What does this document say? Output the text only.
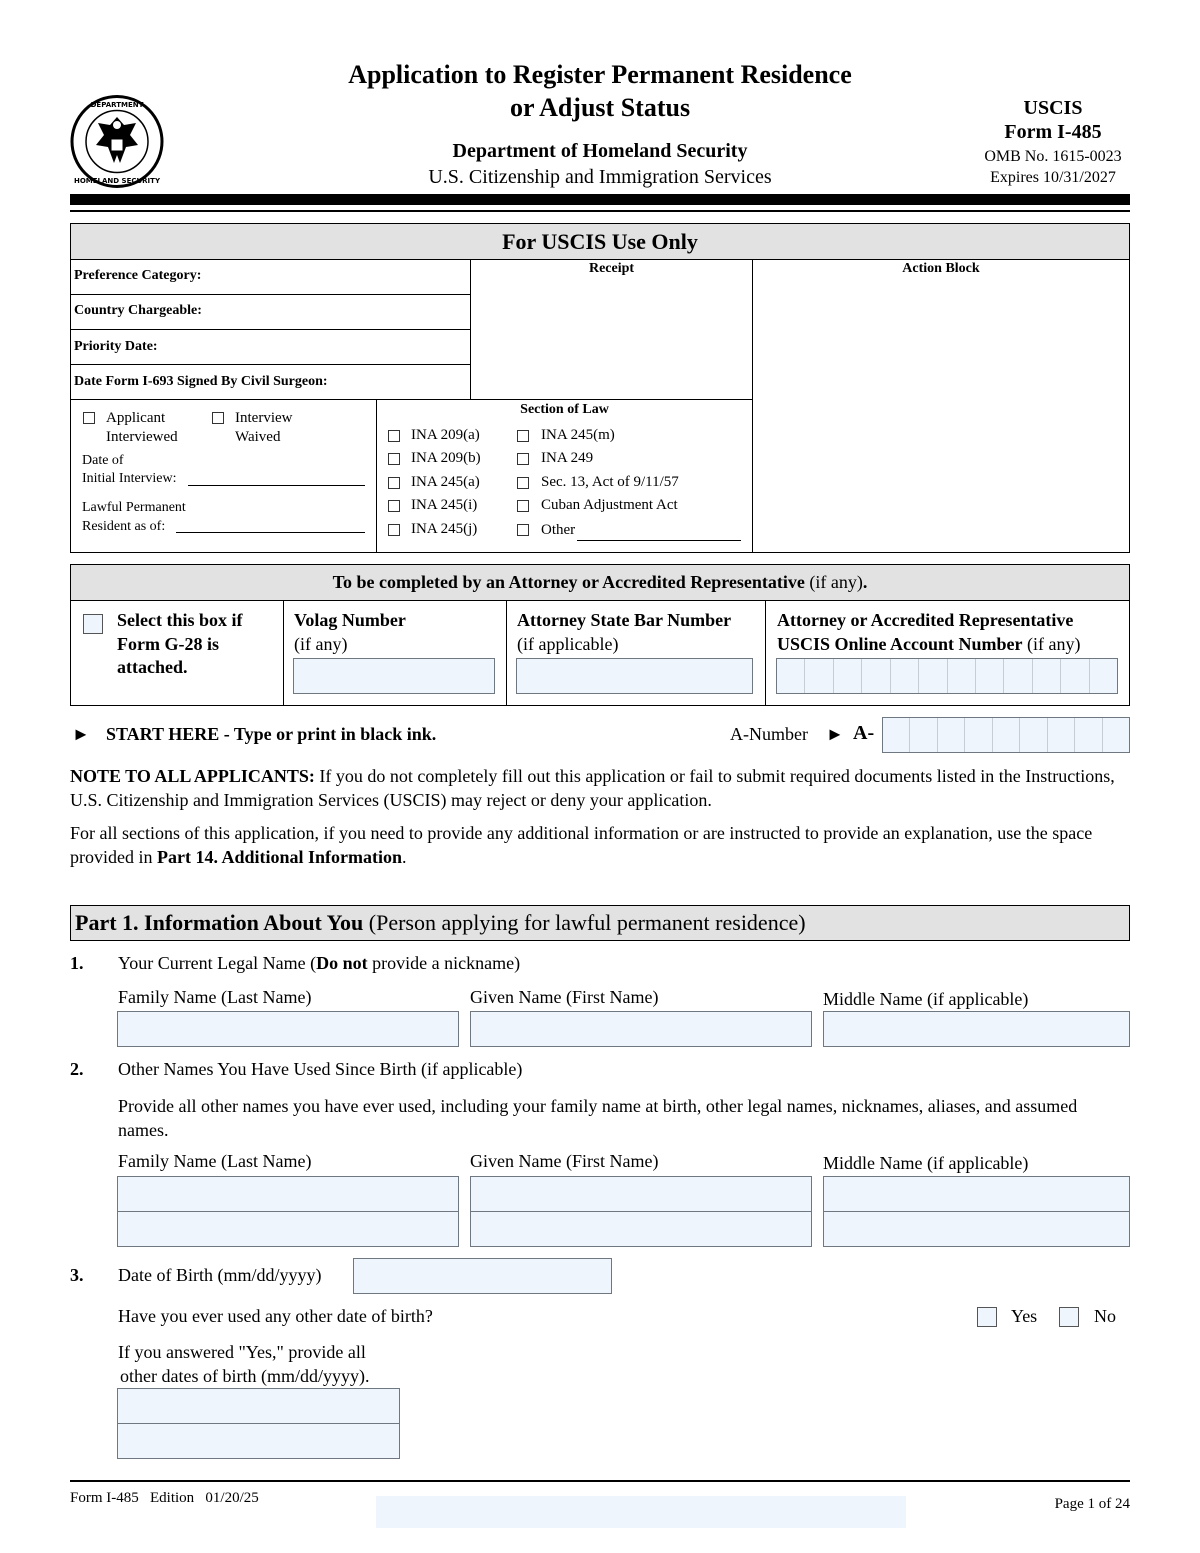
DEPARTMENT
HOMELAND SECURITY
Application to Register Permanent Residence
or Adjust Status
Department of Homeland Security
U.S. Citizenship and Immigration Services
USCIS
Form I-485
OMB No. 1615-0023
Expires 10/31/2027
For USCIS Use Only
Preference Category:
Country Chargeable:
Priority Date:
Date Form I-693 Signed By Civil Surgeon:
Receipt	Action Block
Applicant
Interviewed
Interview
Waived
Date of
Initial Interview:
Lawful Permanent
Resident as of:
Section of Law
INA 209(a)
INA 209(b)
INA 245(a)
INA 245(i)
INA 245(j)
INA 245(m)
INA 249
Sec. 13, Act of 9/11/57
Cuban Adjustment Act
Other
To be completed by an Attorney or Accredited Representative (if any).
Select this box if
Form G-28 is
attached.
Volag Number
(if any)
Attorney State Bar Number
(if applicable)
Attorney or Accredited Representative
USCIS Online Account Number (if any)
► START HERE - Type or print in black ink.	A-Number ► A-
NOTE TO ALL APPLICANTS: If you do not completely fill out this application or fail to submit required documents listed in the Instructions, U.S. Citizenship and Immigration Services (USCIS) may reject or deny your application.
For all sections of this application, if you need to provide any additional information or are instructed to provide an explanation, use the space provided in Part 14. Additional Information.
Part 1. Information About You (Person applying for lawful permanent residence)
1. Your Current Legal Name (Do not provide a nickname)
Family Name (Last Name)	Given Name (First Name)	Middle Name (if applicable)
2. Other Names You Have Used Since Birth (if applicable)
Provide all other names you have ever used, including your family name at birth, other legal names, nicknames, aliases, and assumed names.
Family Name (Last Name)	Given Name (First Name)	Middle Name (if applicable)
3. Date of Birth (mm/dd/yyyy)
Have you ever used any other date of birth?	Yes	No
If you answered "Yes," provide all
other dates of birth (mm/dd/yyyy).
Form I-485 Edition 01/20/25	Page 1 of 24
